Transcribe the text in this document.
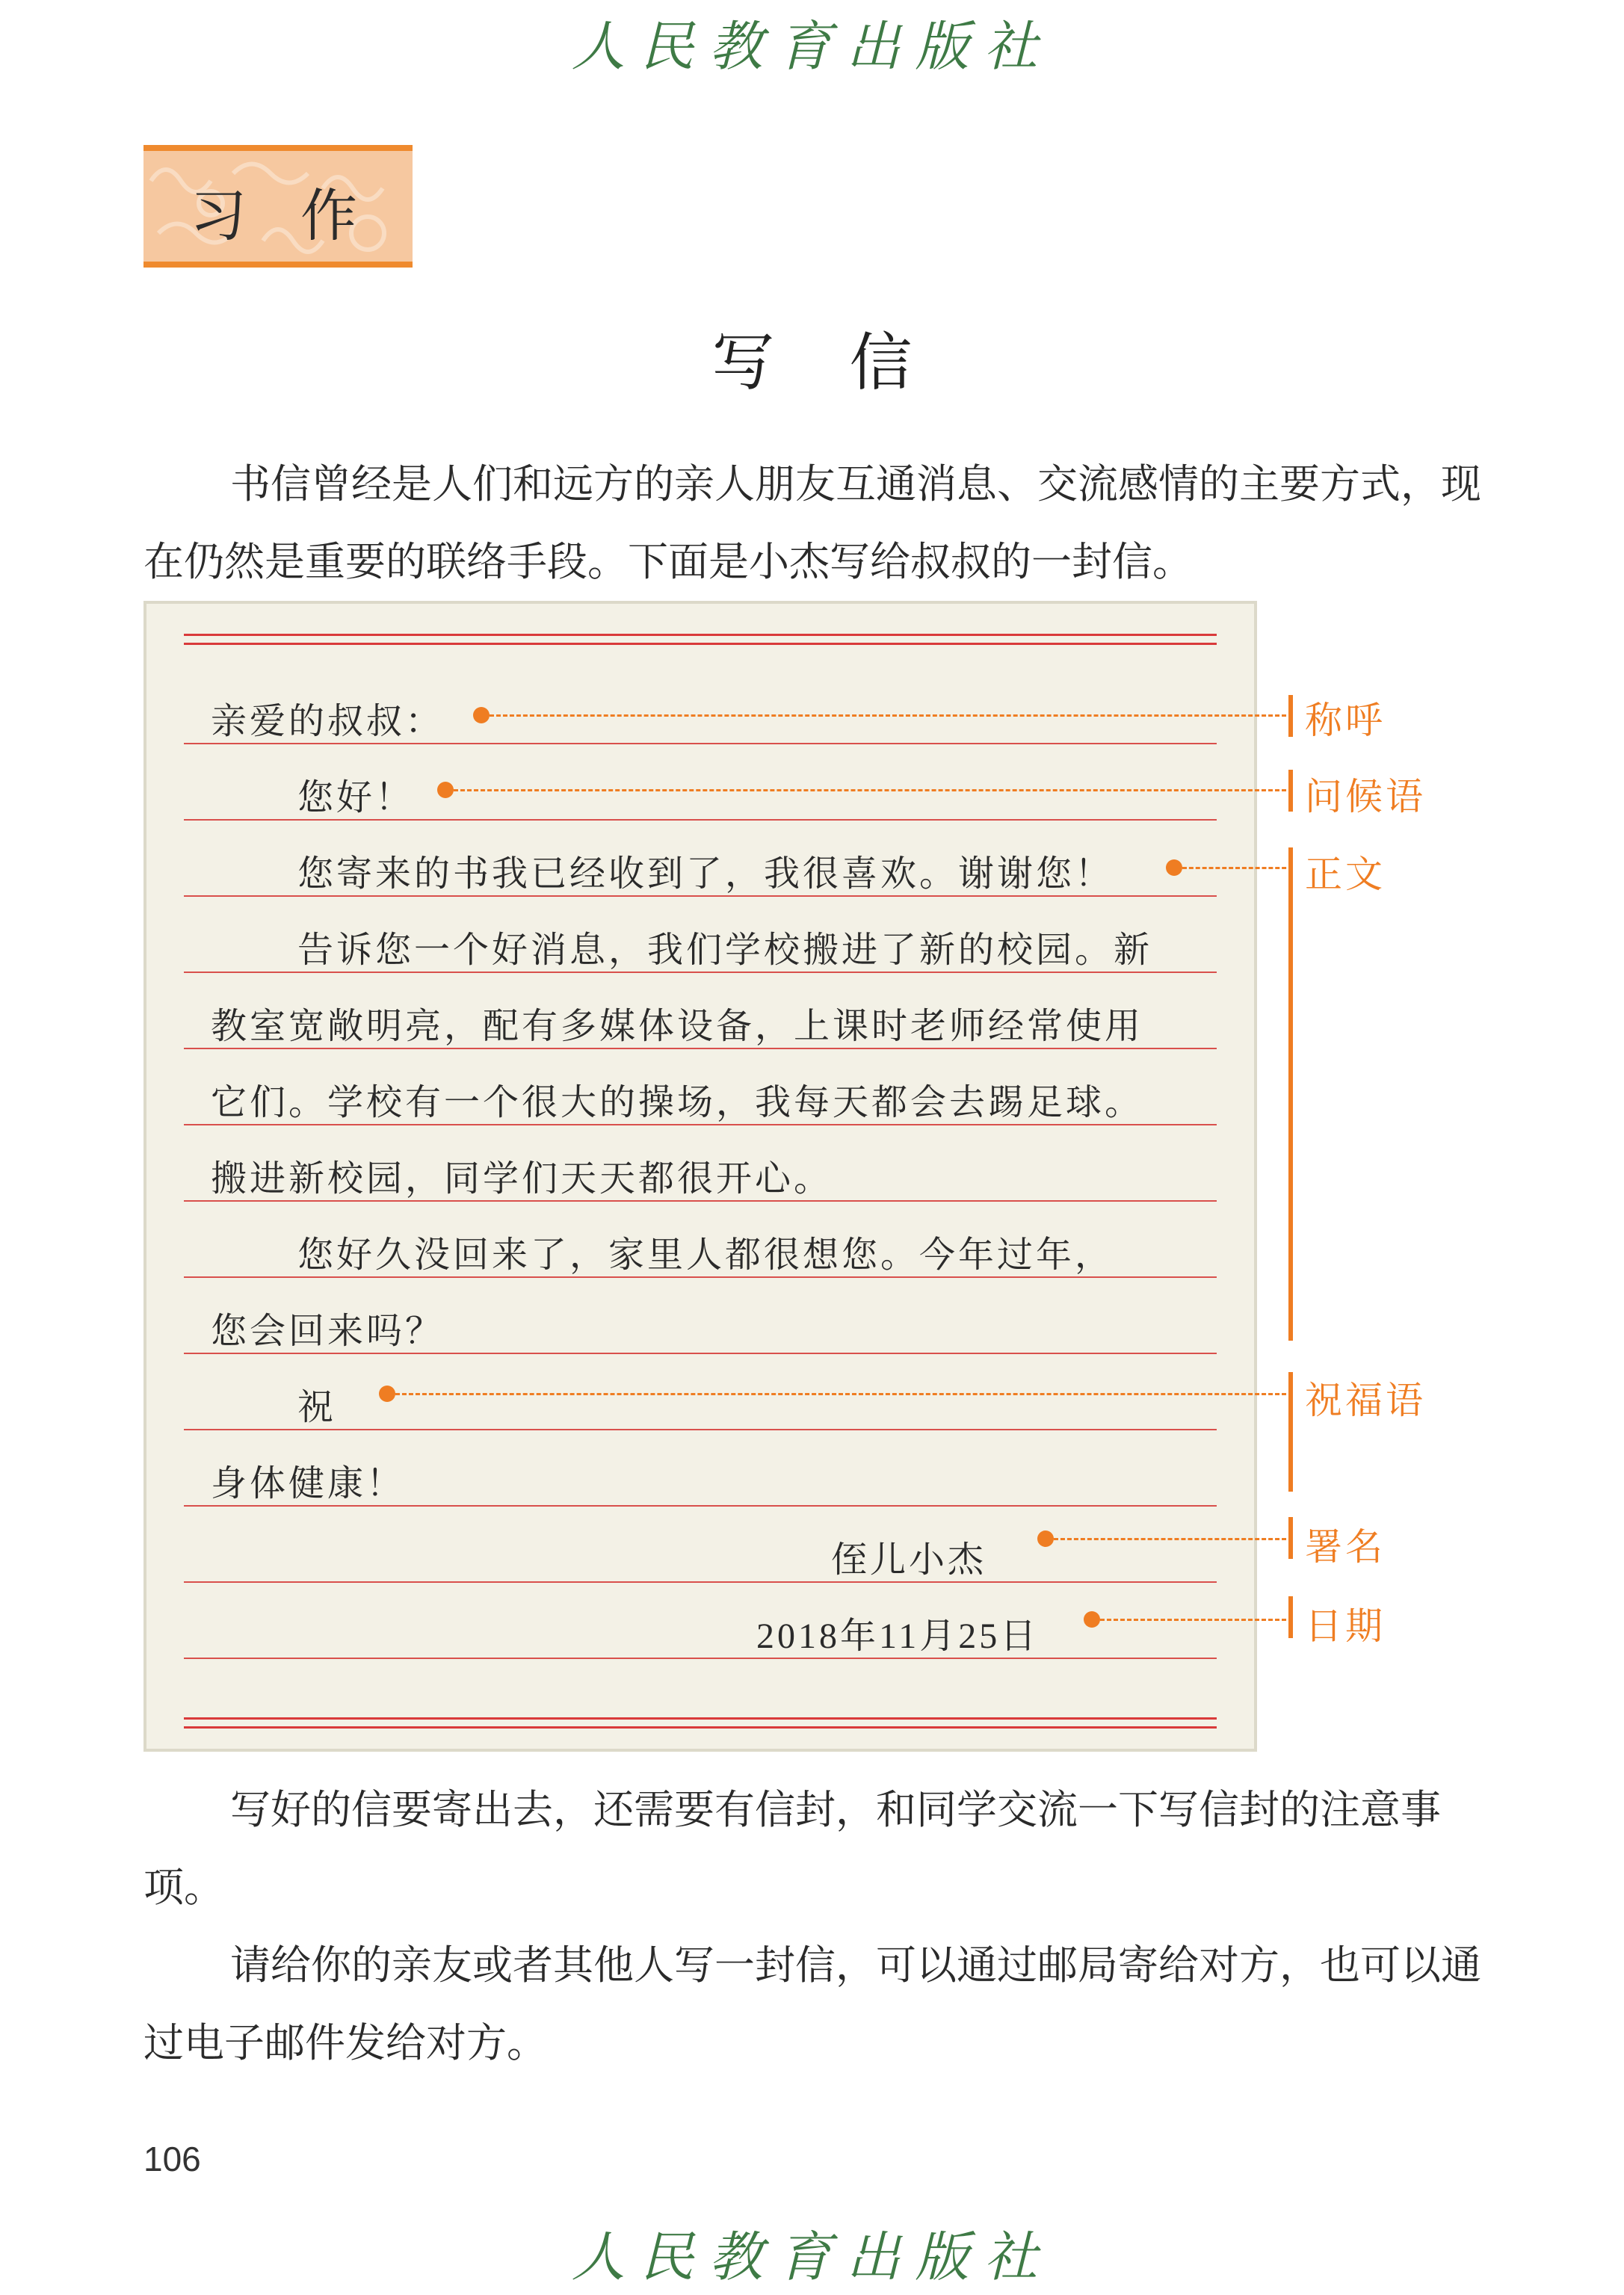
人民教育出版社
习作
写信
书信曾经是人们和远方的亲人朋友互通消息、交流感情的主要方式，现在仍然是重要的联络手段。下面是小杰写给叔叔的一封信。
亲爱的叔叔：
您好！
您寄来的书我已经收到了，我很喜欢。谢谢您！
告诉您一个好消息，我们学校搬进了新的校园。新
教室宽敞明亮，配有多媒体设备，上课时老师经常使用
它们。学校有一个很大的操场，我每天都会去踢足球。
搬进新校园，同学们天天都很开心。
您好久没回来了，家里人都很想您。今年过年，
您会回来吗？
祝
身体健康！
侄儿小杰
2018年11月25日
称呼
问候语
正文
祝福语
署名
日期
写好的信要寄出去，还需要有信封，和同学交流一下写信封的注意事项。
请给你的亲友或者其他人写一封信，可以通过邮局寄给对方，也可以通过电子邮件发给对方。
106
人民教育出版社
